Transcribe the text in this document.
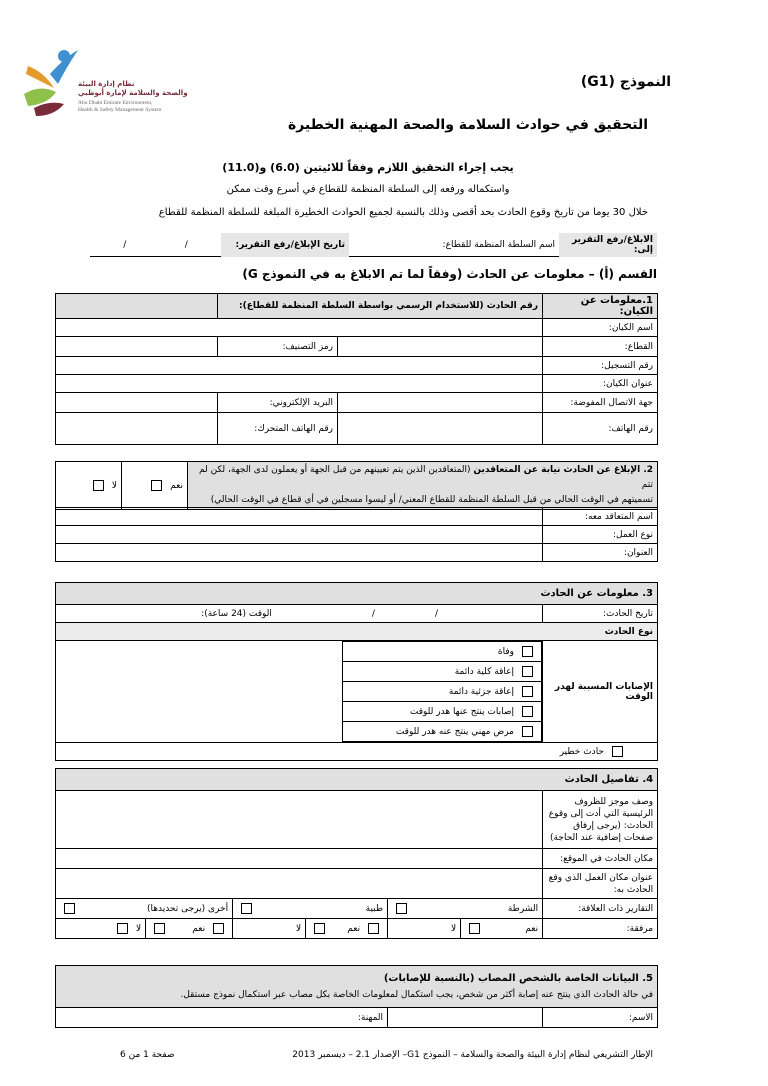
نظام إدارة البيئة
والصحة والسلامة لإمارة أبوظبي
Abu Dhabi Emirate Environment,
Health & Safety Management System
النموذج (G1)
التحقيق في حوادث السلامة والصحة المهنية الخطيرة
يجب إجراء التحقيق اللازم وفقاً للائيتين (6.0) و(11.0)
واستكماله ورفعه إلى السلطة المنظمة للقطاع في أسرع وقت ممكن
خلال 30 يوما من تاريخ وقوع الحادث بحد أقصى وذلك بالنسبة لجميع الحوادث الخطيرة المبلغة للسلطة المنظمة للقطاع
الابلاغ/رفع التقرير إلى:
اسم السلطة المنظمة للقطاع:
تاريخ الإبلاغ/رفع التقرير:
/
/
القسم (أ) – معلومات عن الحادث (وفقاً لما تم الابلاغ به في النموذج G)
1.معلومات عن الكيان:	رقم الحادث (للاستخدام الرسمي بواسطة السلطة المنظمة للقطاع):		
اسم الكيان:			
القطاع:		رمز التصنيف:	
رقم التسجيل:			
عنوان الكيان:			
جهة الاتصال المفوضة:		البريد الإلكتروني:	
رقم الهاتف:		رقم الهاتف المتحرك:	
2. الإبلاغ عن الحادث نيابة عن المتعاقدين (المتعاقدين الذين يتم تعيينهم من قبل الجهة أو يعملون لدى الجهة، لكن لم تتم
تسميتهم في الوقت الحالي من قبل السلطة المنظمة للقطاع المعني/ أو ليسوا مسجلين في أي قطاع في الوقت الحالي)	
نعم

لا
اسم المتعاقد معه:	
نوع العمل:	
العنوان:	
3. معلومات عن الحادث
تاريخ الحادث:	
/
/
الوقت (24 ساعة):

نوع الحادث
الإصابات المسببة لهدر الوقت	
وفاة

إعاقة كلية دائمة

إعاقة جزئية دائمة

إصابات ينتج عنها هدر للوقت

مرض مهني ينتج عنه هدر للوقت

حادث خطير
4. تفاصيل الحادث						
وصف موجز للظروف الرئيسية التي أدت إلى وقوع الحادث: (يرجى إرفاق صفحات إضافية عند الحاجة)						
مكان الحادث في الموقع:						
عنوان مكان العمل الذي وقع الحادث به:						
التقارير ذات العلاقة:	الشرطة		طبية		أخرى (يرجى تحديدها)	

مرفقة:	نعم	لا	نعم	لا	نعم	لا
5. البيانات الخاصة بالشخص المصاب (بالنسبة للإصابات)
في حالة الحادث الذي ينتج عنه إصابة أكثر من شخص، يجب استكمال لمعلومات الخاصة بكل مصاب عبر استكمال نموذج مستقل.

الاسم:		المهنة:
الإطار التشريعي لنظام إدارة البيئة والصحة والسلامة – النموذج G1– الإصدار 2.1 – ديسمبر 2013
صفحة 1 من 6
